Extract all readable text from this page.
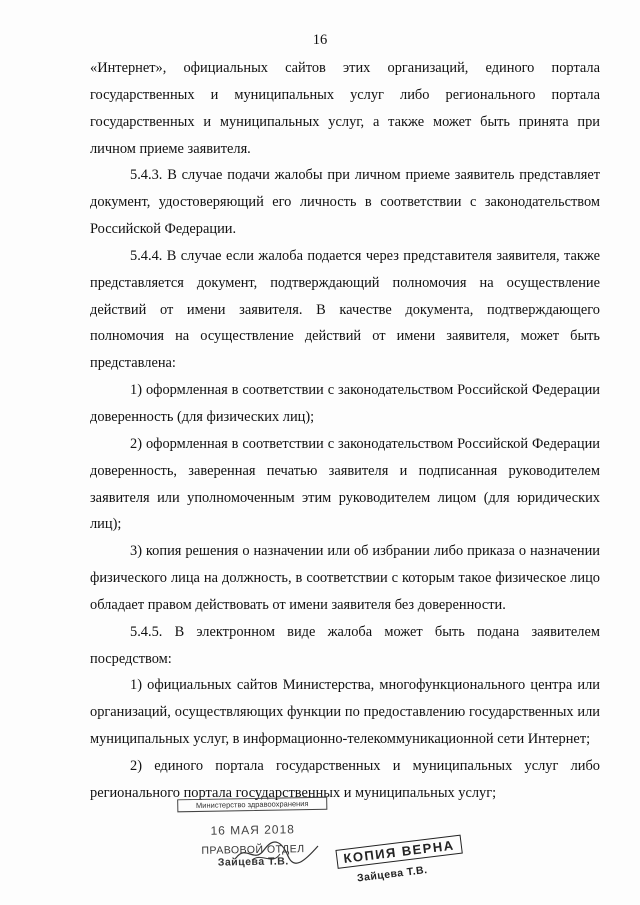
16

«Интернет», официальных сайтов этих организаций, единого портала государственных и муниципальных услуг либо регионального портала государственных и муниципальных услуг, а также может быть принята при личном приеме заявителя.

5.4.3. В случае подачи жалобы при личном приеме заявитель представляет документ, удостоверяющий его личность в соответствии с законодательством Российской Федерации.

5.4.4. В случае если жалоба подается через представителя заявителя, также представляется документ, подтверждающий полномочия на осуществление действий от имени заявителя. В качестве документа, подтверждающего полномочия на осуществление действий от имени заявителя, может быть представлена:

1) оформленная в соответствии с законодательством Российской Федерации доверенность (для физических лиц);

2) оформленная в соответствии с законодательством Российской Федерации доверенность, заверенная печатью заявителя и подписанная руководителем заявителя или уполномоченным этим руководителем лицом (для юридических лиц);

3) копия решения о назначении или об избрании либо приказа о назначении физического лица на должность, в соответствии с которым такое физическое лицо обладает правом действовать от имени заявителя без доверенности.

5.4.5. В электронном виде жалоба может быть подана заявителем посредством:

1) официальных сайтов Министерства, многофункционального центра или организаций, осуществляющих функции по предоставлению государственных или муниципальных услуг, в информационно-телекоммуникационной сети Интернет;

2) единого портала государственных и муниципальных услуг либо регионального портала государственных и муниципальных услуг;

Министерство здравоохранения
16 МАЯ 2018
ПРАВОВОЙ ОТДЕЛ
Зайцева Т.В.	КОПИЯ ВЕРНА
Зайцева Т.В.
